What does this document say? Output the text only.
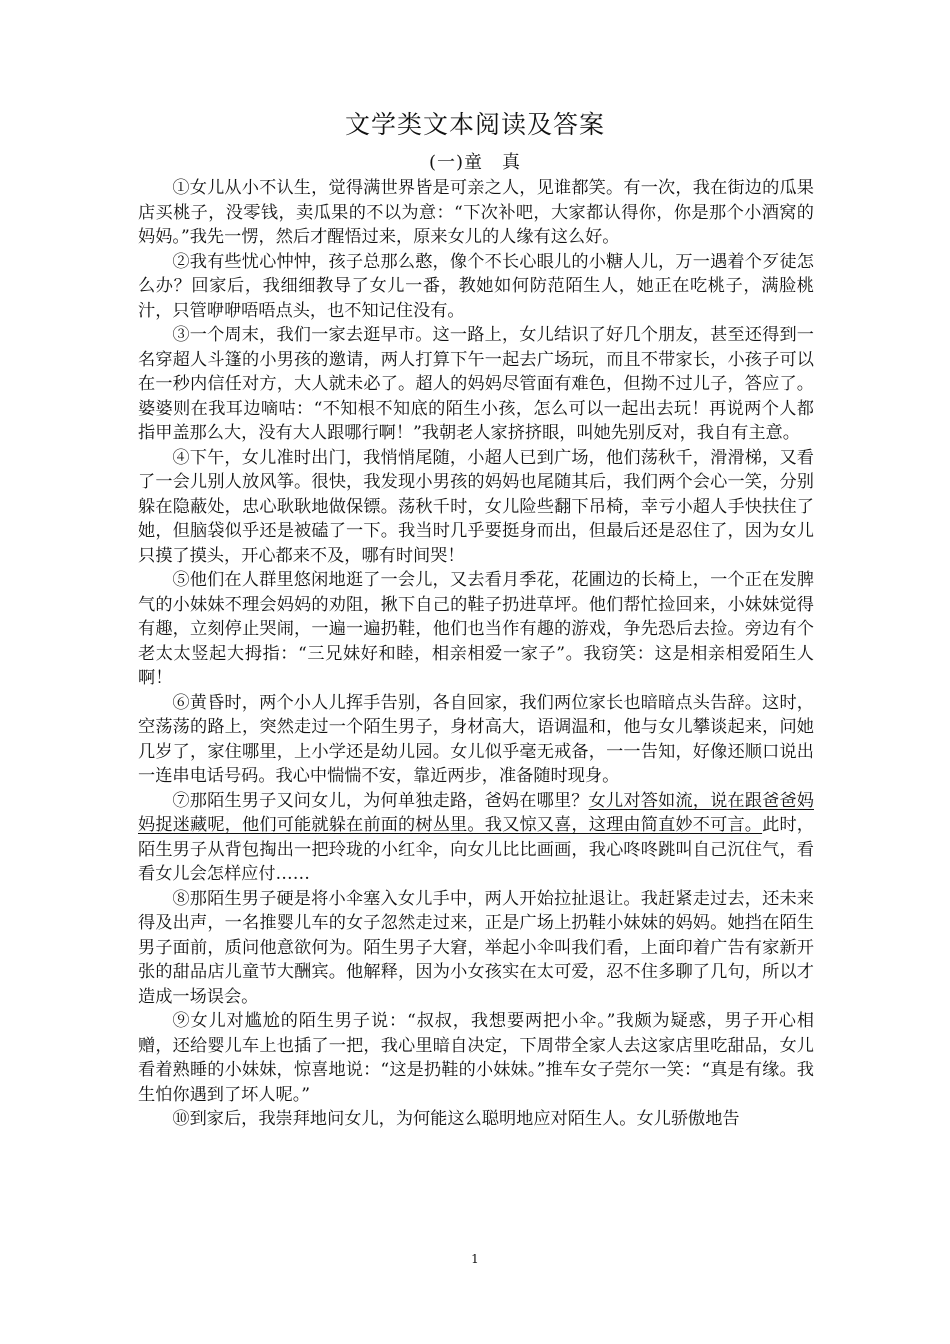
文学类文本阅读及答案
(一)童　真

①女儿从小不认生，觉得满世界皆是可亲之人，见谁都笑。有一次，我在街边的瓜果店买桃子，没零钱，卖瓜果的不以为意：“下次补吧，大家都认得你，你是那个小酒窝的妈妈。”我先一愣，然后才醒悟过来，原来女儿的人缘有这么好。

②我有些忧心忡忡，孩子总那么憨，像个不长心眼儿的小糖人儿，万一遇着个歹徒怎么办？回家后，我细细教导了女儿一番，教她如何防范陌生人，她正在吃桃子，满脸桃汁，只管咿咿唔唔点头，也不知记住没有。

③一个周末，我们一家去逛早市。这一路上，女儿结识了好几个朋友，甚至还得到一名穿超人斗篷的小男孩的邀请，两人打算下午一起去广场玩，而且不带家长，小孩子可以在一秒内信任对方，大人就未必了。超人的妈妈尽管面有难色，但拗不过儿子，答应了。婆婆则在我耳边嘀咕：“不知根不知底的陌生小孩，怎么可以一起出去玩！再说两个人都指甲盖那么大，没有大人跟哪行啊！”我朝老人家挤挤眼，叫她先别反对，我自有主意。

④下午，女儿准时出门，我悄悄尾随，小超人已到广场，他们荡秋千，滑滑梯，又看了一会儿别人放风筝。很快，我发现小男孩的妈妈也尾随其后，我们两个会心一笑，分别躲在隐蔽处，忠心耿耿地做保镖。荡秋千时，女儿险些翻下吊椅，幸亏小超人手快扶住了她，但脑袋似乎还是被磕了一下。我当时几乎要挺身而出，但最后还是忍住了，因为女儿只摸了摸头，开心都来不及，哪有时间哭！

⑤他们在人群里悠闲地逛了一会儿，又去看月季花，花圃边的长椅上，一个正在发脾气的小妹妹不理会妈妈的劝阻，揪下自己的鞋子扔进草坪。他们帮忙捡回来，小妹妹觉得有趣，立刻停止哭闹，一遍一遍扔鞋，他们也当作有趣的游戏，争先恐后去捡。旁边有个老太太竖起大拇指：“三兄妹好和睦，相亲相爱一家子”。我窃笑：这是相亲相爱陌生人啊！

⑥黄昏时，两个小人儿挥手告别，各自回家，我们两位家长也暗暗点头告辞。这时，空荡荡的路上，突然走过一个陌生男子，身材高大，语调温和，他与女儿攀谈起来，问她几岁了，家住哪里，上小学还是幼儿园。女儿似乎毫无戒备，一一告知，好像还顺口说出一连串电话号码。我心中惴惴不安，靠近两步，准备随时现身。

⑦那陌生男子又问女儿，为何单独走路，爸妈在哪里？女儿对答如流，说在跟爸爸妈妈捉迷藏呢，他们可能就躲在前面的树丛里。我又惊又喜，这理由简直妙不可言。此时，陌生男子从背包掏出一把玲珑的小红伞，向女儿比比画画，我心咚咚跳叫自己沉住气，看看女儿会怎样应付……

⑧那陌生男子硬是将小伞塞入女儿手中，两人开始拉扯退让。我赶紧走过去，还未来得及出声，一名推婴儿车的女子忽然走过来，正是广场上扔鞋小妹妹的妈妈。她挡在陌生男子面前，质问他意欲何为。陌生男子大窘，举起小伞叫我们看，上面印着广告有家新开张的甜品店儿童节大酬宾。他解释，因为小女孩实在太可爱，忍不住多聊了几句，所以才造成一场误会。

⑨女儿对尴尬的陌生男子说：“叔叔，我想要两把小伞。”我颇为疑惑，男子开心相赠，还给婴儿车上也插了一把，我心里暗自决定，下周带全家人去这家店里吃甜品，女儿看着熟睡的小妹妹，惊喜地说：“这是扔鞋的小妹妹。”推车女子莞尔一笑：“真是有缘。我生怕你遇到了坏人呢。”

⑩到家后，我崇拜地问女儿，为何能这么聪明地应对陌生人。女儿骄傲地告

1
